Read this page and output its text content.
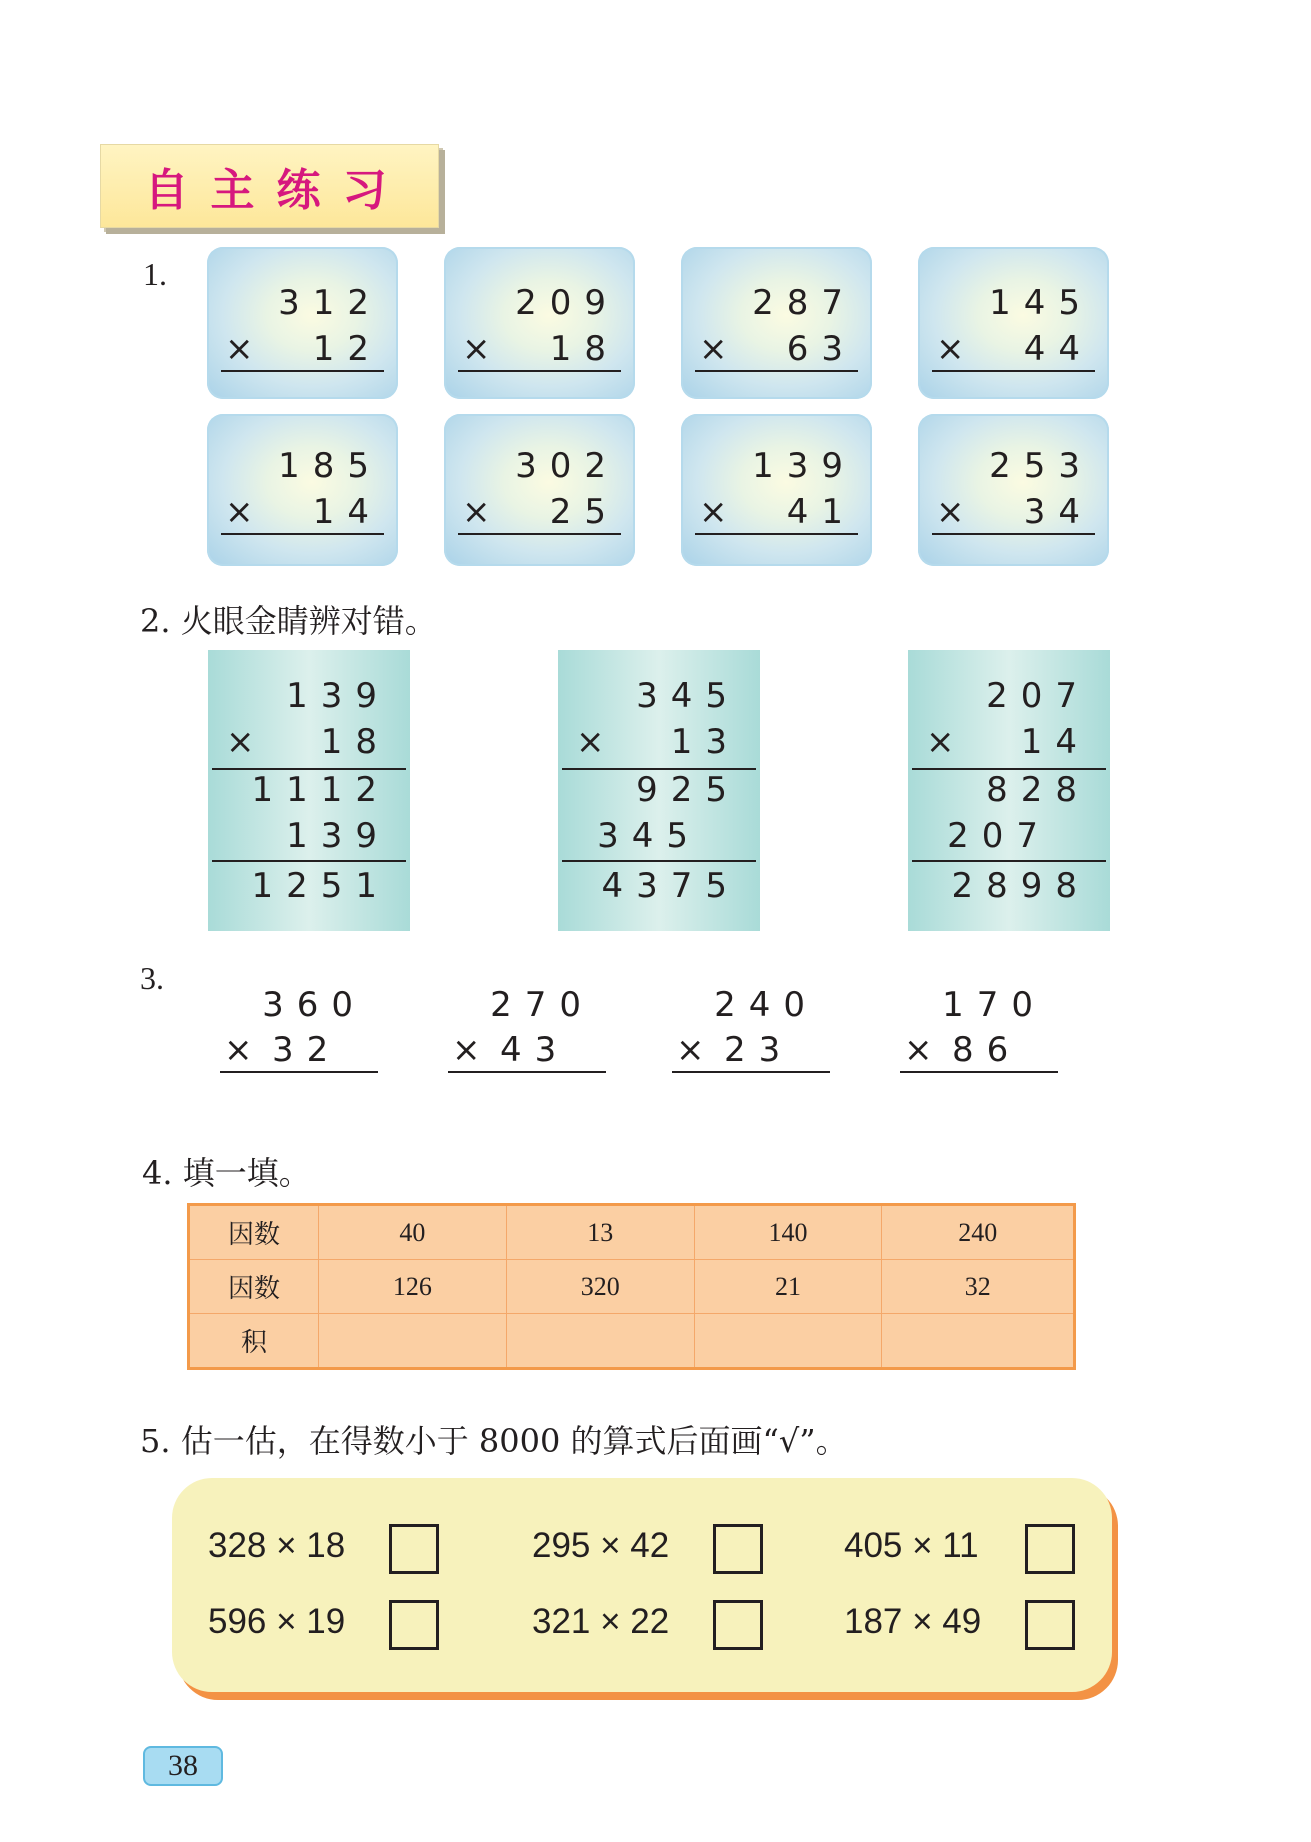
自主练习
1.
312
× 12
209
× 18
287
× 63
145
× 44
185
× 14
302
× 25
139
× 41
253
× 34
2. 火眼金睛辨对错。
139
× 18
1112
139
1251
345
× 13
925
345
4375
207
× 14
828
207
2898
3.
360
× 32
270
× 43
240
× 23
170
× 86
4. 填一填。
因数	40	13	140	240
因数	126	320	21	32
积				
5. 估一估，在得数小于 8000 的算式后面画“√”。
328 × 18	295 × 42	405 × 11
596 × 19	321 × 22	187 × 49
38
